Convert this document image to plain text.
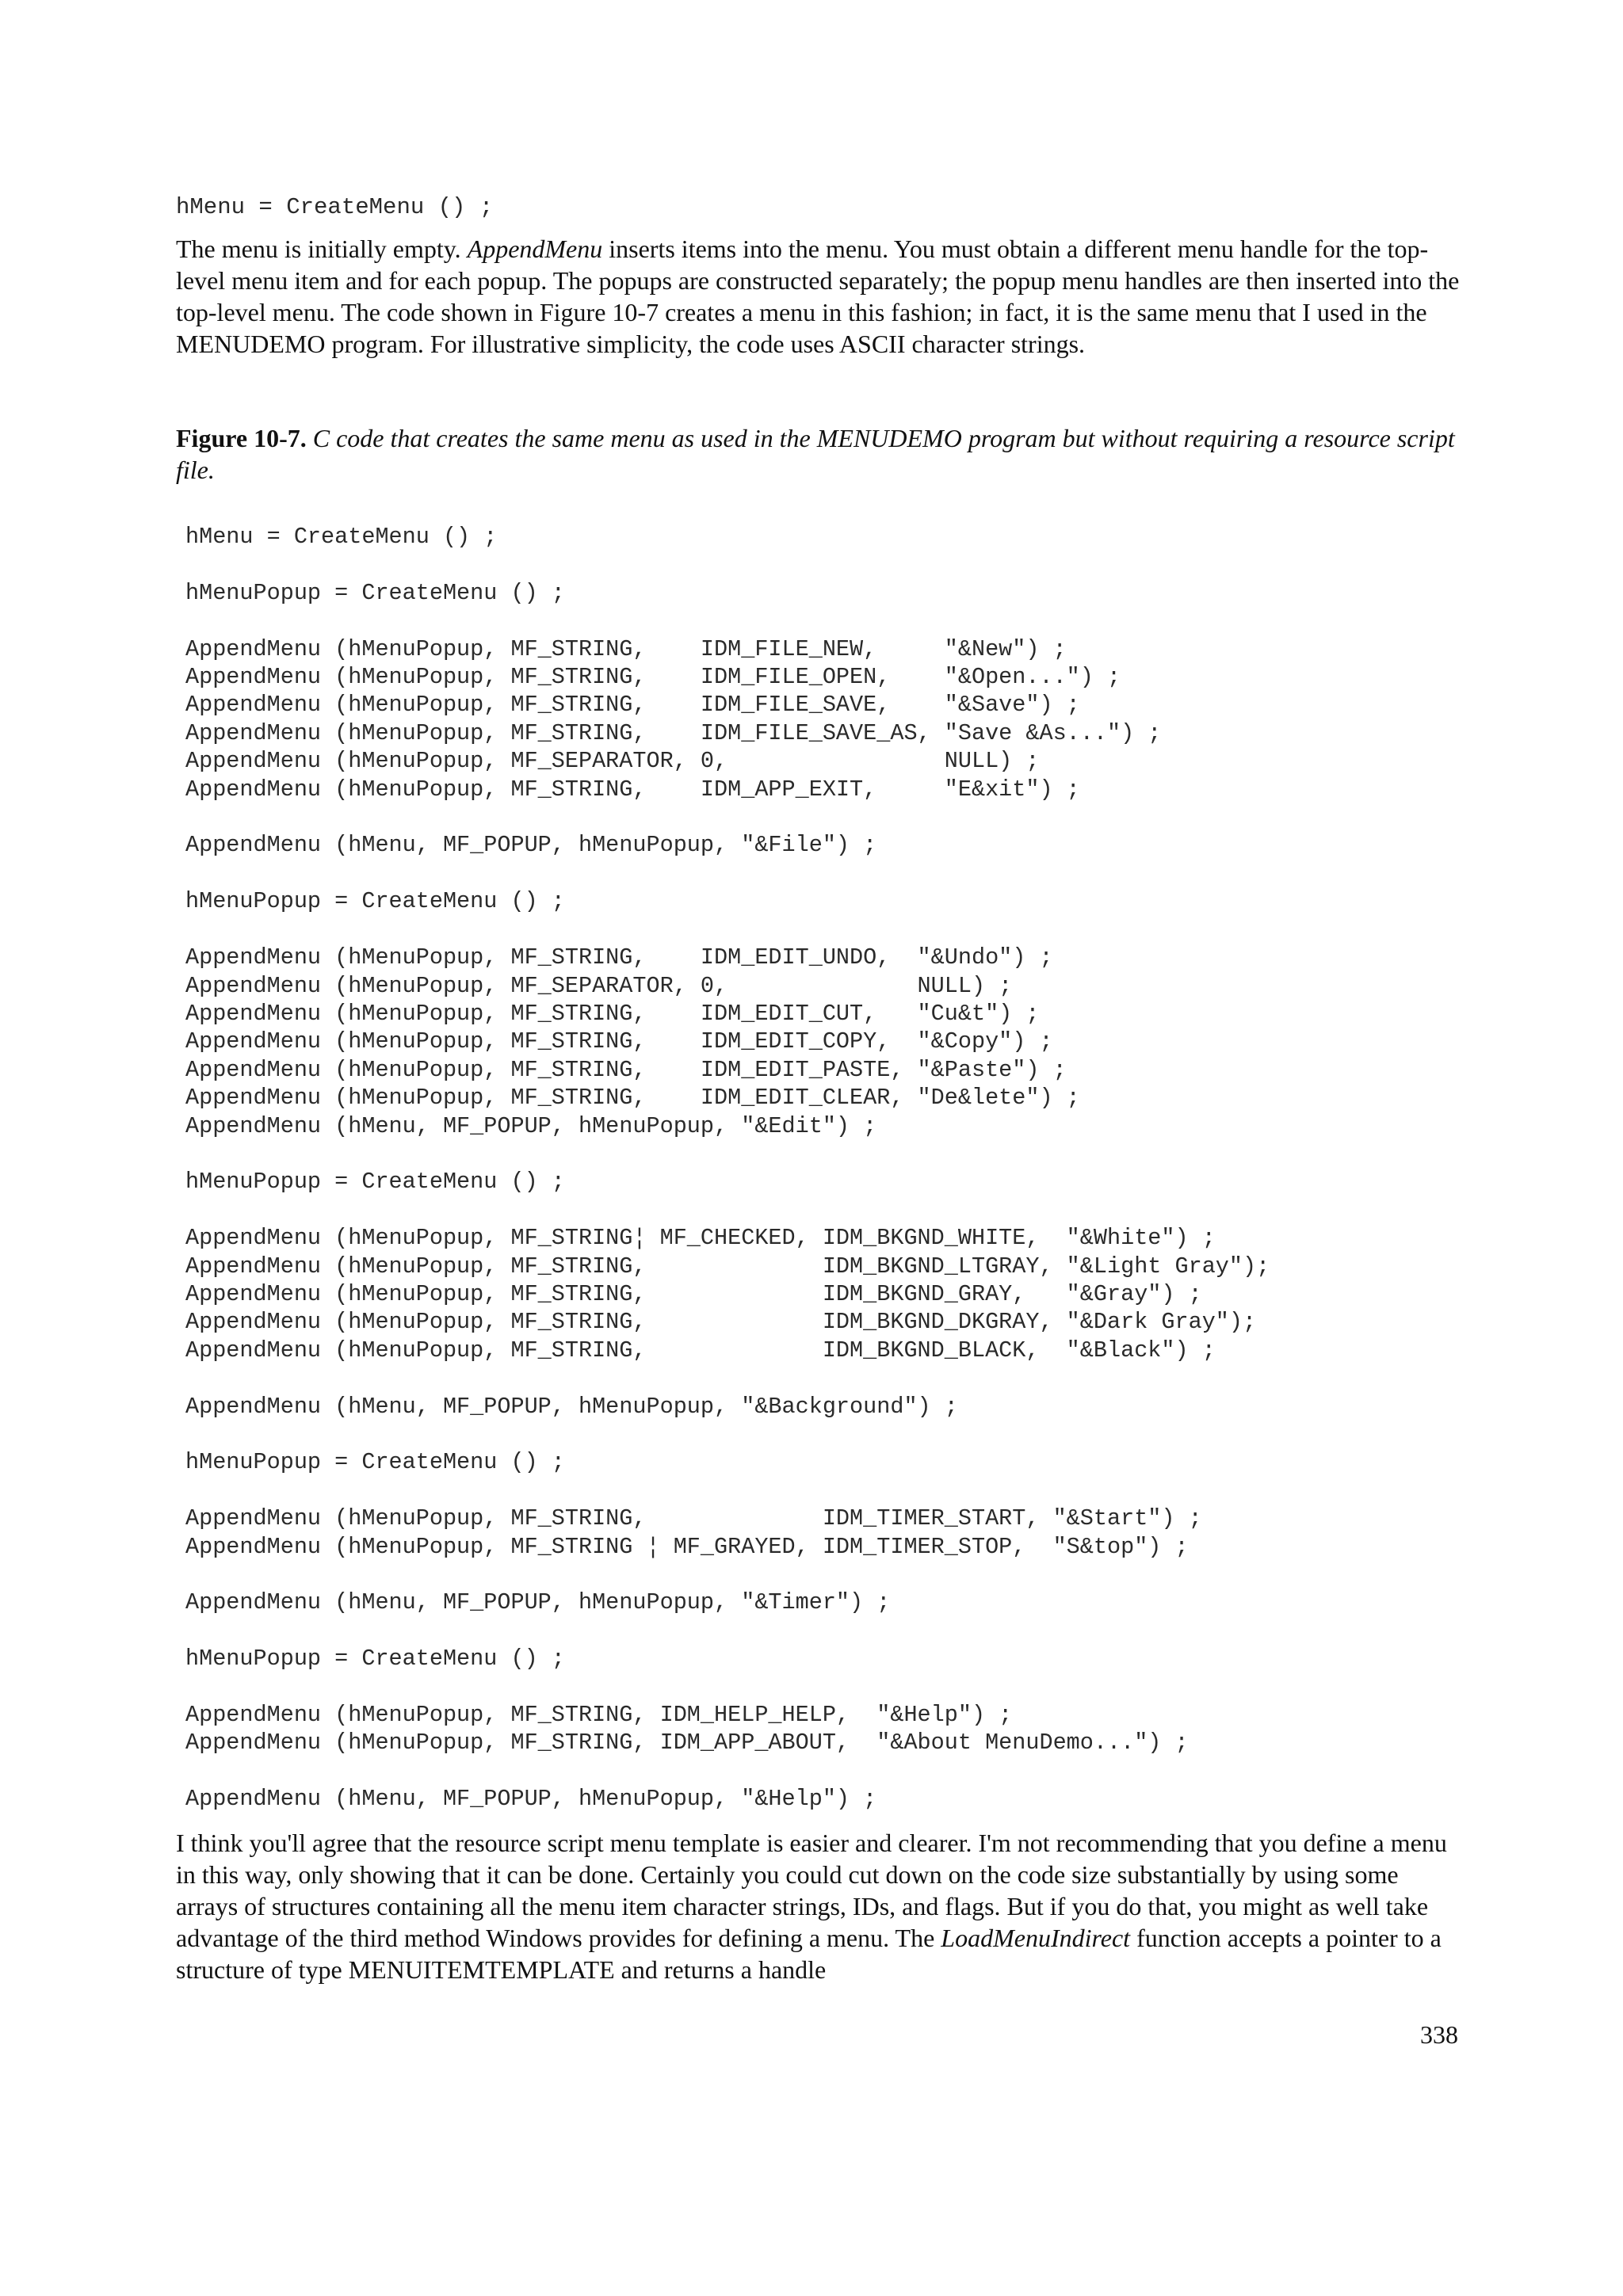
hMenu = CreateMenu () ;

The menu is initially empty. AppendMenu inserts items into the menu. You must obtain a different menu handle for the top-level menu item and for each popup. The popups are constructed separately; the popup menu handles are then inserted into the top-level menu. The code shown in Figure 10-7 creates a menu in this fashion; in fact, it is the same menu that I used in the MENUDEMO program. For illustrative simplicity, the code uses ASCII character strings.

Figure 10-7. C code that creates the same menu as used in the MENUDEMO program but without requiring a resource script file.

hMenu = CreateMenu () ;

hMenuPopup = CreateMenu () ;

AppendMenu (hMenuPopup, MF_STRING,    IDM_FILE_NEW,     "&New") ;
AppendMenu (hMenuPopup, MF_STRING,    IDM_FILE_OPEN,    "&Open...") ;
AppendMenu (hMenuPopup, MF_STRING,    IDM_FILE_SAVE,    "&Save") ;
AppendMenu (hMenuPopup, MF_STRING,    IDM_FILE_SAVE_AS, "Save &As...") ;
AppendMenu (hMenuPopup, MF_SEPARATOR, 0,                NULL) ;
AppendMenu (hMenuPopup, MF_STRING,    IDM_APP_EXIT,     "E&xit") ;

AppendMenu (hMenu, MF_POPUP, hMenuPopup, "&File") ;

hMenuPopup = CreateMenu () ;

AppendMenu (hMenuPopup, MF_STRING,    IDM_EDIT_UNDO,  "&Undo") ;
AppendMenu (hMenuPopup, MF_SEPARATOR, 0,              NULL) ;
AppendMenu (hMenuPopup, MF_STRING,    IDM_EDIT_CUT,   "Cu&t") ;
AppendMenu (hMenuPopup, MF_STRING,    IDM_EDIT_COPY,  "&Copy") ;
AppendMenu (hMenuPopup, MF_STRING,    IDM_EDIT_PASTE, "&Paste") ;
AppendMenu (hMenuPopup, MF_STRING,    IDM_EDIT_CLEAR, "De&lete") ;
AppendMenu (hMenu, MF_POPUP, hMenuPopup, "&Edit") ;

hMenuPopup = CreateMenu () ;

AppendMenu (hMenuPopup, MF_STRING¦ MF_CHECKED, IDM_BKGND_WHITE,  "&White") ;
AppendMenu (hMenuPopup, MF_STRING,             IDM_BKGND_LTGRAY, "&Light Gray");
AppendMenu (hMenuPopup, MF_STRING,             IDM_BKGND_GRAY,   "&Gray") ;
AppendMenu (hMenuPopup, MF_STRING,             IDM_BKGND_DKGRAY, "&Dark Gray");
AppendMenu (hMenuPopup, MF_STRING,             IDM_BKGND_BLACK,  "&Black") ;

AppendMenu (hMenu, MF_POPUP, hMenuPopup, "&Background") ;

hMenuPopup = CreateMenu () ;

AppendMenu (hMenuPopup, MF_STRING,             IDM_TIMER_START, "&Start") ;
AppendMenu (hMenuPopup, MF_STRING ¦ MF_GRAYED, IDM_TIMER_STOP,  "S&top") ;

AppendMenu (hMenu, MF_POPUP, hMenuPopup, "&Timer") ;

hMenuPopup = CreateMenu () ;

AppendMenu (hMenuPopup, MF_STRING, IDM_HELP_HELP,  "&Help") ;
AppendMenu (hMenuPopup, MF_STRING, IDM_APP_ABOUT,  "&About MenuDemo...") ;

AppendMenu (hMenu, MF_POPUP, hMenuPopup, "&Help") ;

I think you'll agree that the resource script menu template is easier and clearer. I'm not recommending that you define a menu in this way, only showing that it can be done. Certainly you could cut down on the code size substantially by using some arrays of structures containing all the menu item character strings, IDs, and flags. But if you do that, you might as well take advantage of the third method Windows provides for defining a menu. The LoadMenuIndirect function accepts a pointer to a structure of type MENUITEMTEMPLATE and returns a handle

338
